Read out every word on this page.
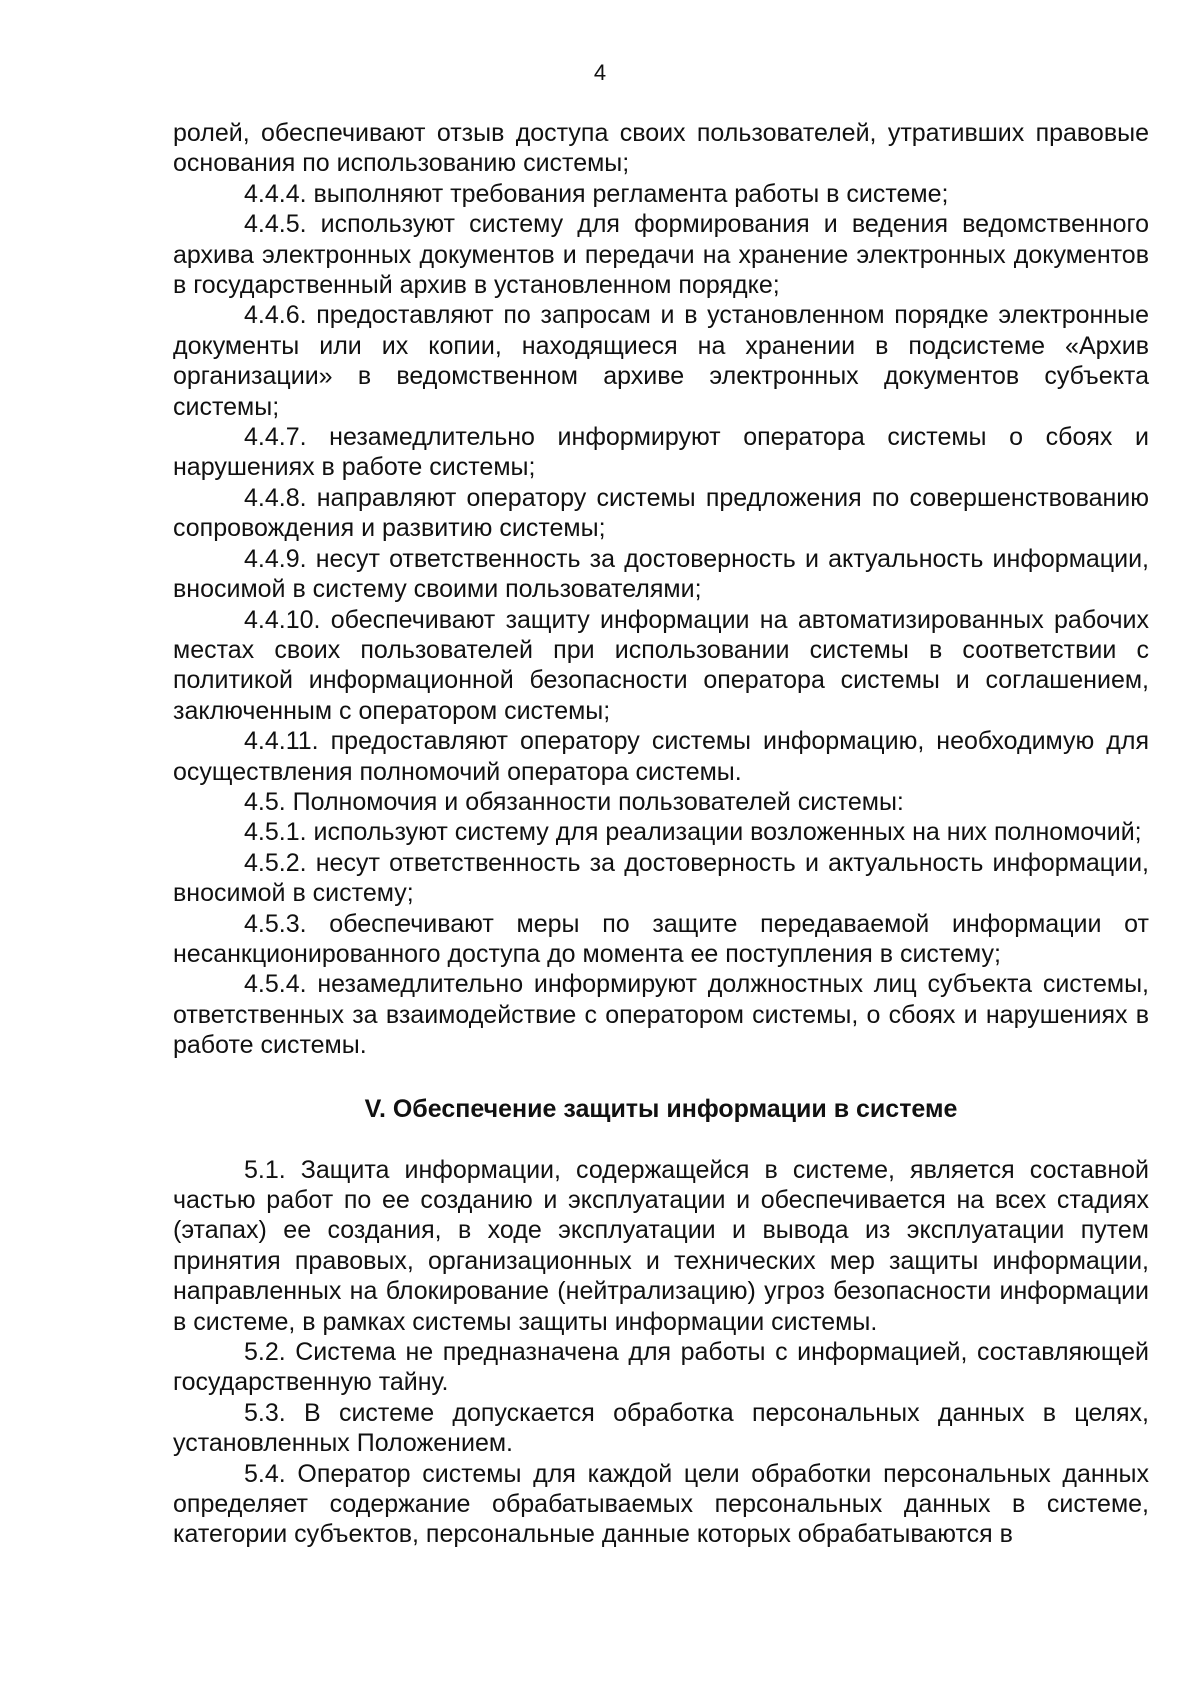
4

ролей, обеспечивают отзыв доступа своих пользователей, утративших правовые основания по использованию системы;

4.4.4. выполняют требования регламента работы в системе;

4.4.5. используют систему для формирования и ведения ведомственного архива электронных документов и передачи на хранение электронных документов в государственный архив в установленном порядке;

4.4.6. предоставляют по запросам и в установленном порядке электронные документы или их копии, находящиеся на хранении в подсистеме «Архив организации» в ведомственном архиве электронных документов субъекта системы;

4.4.7. незамедлительно информируют оператора системы о сбоях и нарушениях в работе системы;

4.4.8. направляют оператору системы предложения по совершенствованию сопровождения и развитию системы;

4.4.9. несут ответственность за достоверность и актуальность информации, вносимой в систему своими пользователями;

4.4.10. обеспечивают защиту информации на автоматизированных рабочих местах своих пользователей при использовании системы в соответствии с политикой информационной безопасности оператора системы и соглашением, заключенным с оператором системы;

4.4.11. предоставляют оператору системы информацию, необходимую для осуществления полномочий оператора системы.

4.5. Полномочия и обязанности пользователей системы:

4.5.1. используют систему для реализации возложенных на них полномочий;

4.5.2. несут ответственность за достоверность и актуальность информации, вносимой в систему;

4.5.3. обеспечивают меры по защите передаваемой информации от несанкционированного доступа до момента ее поступления в систему;

4.5.4. незамедлительно информируют должностных лиц субъекта системы, ответственных за взаимодействие с оператором системы, о сбоях и нарушениях в работе системы.

V. Обеспечение защиты информации в системе

5.1. Защита информации, содержащейся в системе, является составной частью работ по ее созданию и эксплуатации и обеспечивается на всех стадиях (этапах) ее создания, в ходе эксплуатации и вывода из эксплуатации путем принятия правовых, организационных и технических мер защиты информации, направленных на блокирование (нейтрализацию) угроз безопасности информации в системе, в рамках системы защиты информации системы.

5.2. Система не предназначена для работы с информацией, составляющей государственную тайну.

5.3. В системе допускается обработка персональных данных в целях, установленных Положением.

5.4. Оператор системы для каждой цели обработки персональных данных определяет содержание обрабатываемых персональных данных в системе, категории субъектов, персональные данные которых обрабатываются в
